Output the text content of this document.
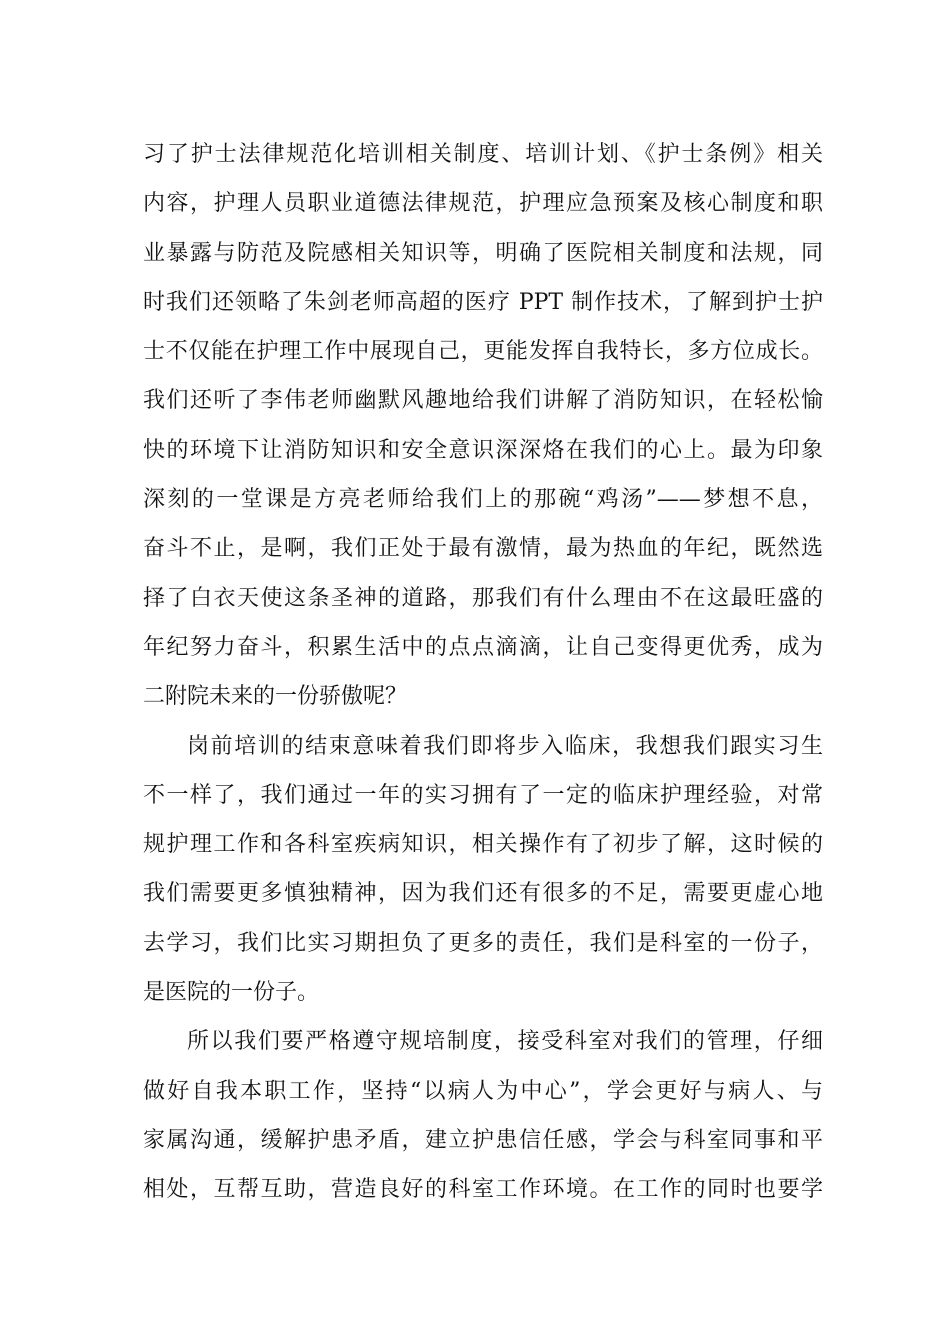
习了护士法律规范化培训相关制度、培训计划、《护士条例》相关
内容，护理人员职业道德法律规范，护理应急预案及核心制度和职
业暴露与防范及院感相关知识等，明确了医院相关制度和法规，同
时我们还领略了朱剑老师高超的医疗 PPT 制作技术，了解到护士护
士不仅能在护理工作中展现自己，更能发挥自我特长，多方位成长。
我们还听了李伟老师幽默风趣地给我们讲解了消防知识，在轻松愉
快的环境下让消防知识和安全意识深深烙在我们的心上。最为印象
深刻的一堂课是方亮老师给我们上的那碗“鸡汤”——梦想不息，
奋斗不止，是啊，我们正处于最有激情，最为热血的年纪，既然选
择了白衣天使这条圣神的道路，那我们有什么理由不在这最旺盛的
年纪努力奋斗，积累生活中的点点滴滴，让自己变得更优秀，成为
二附院未来的一份骄傲呢？
岗前培训的结束意味着我们即将步入临床，我想我们跟实习生
不一样了，我们通过一年的实习拥有了一定的临床护理经验，对常
规护理工作和各科室疾病知识，相关操作有了初步了解，这时候的
我们需要更多慎独精神，因为我们还有很多的不足，需要更虚心地
去学习，我们比实习期担负了更多的责任，我们是科室的一份子，
是医院的一份子。
所以我们要严格遵守规培制度，接受科室对我们的管理，仔细
做好自我本职工作，坚持“以病人为中心”，学会更好与病人、与
家属沟通，缓解护患矛盾，建立护患信任感，学会与科室同事和平
相处，互帮互助，营造良好的科室工作环境。在工作的同时也要学
